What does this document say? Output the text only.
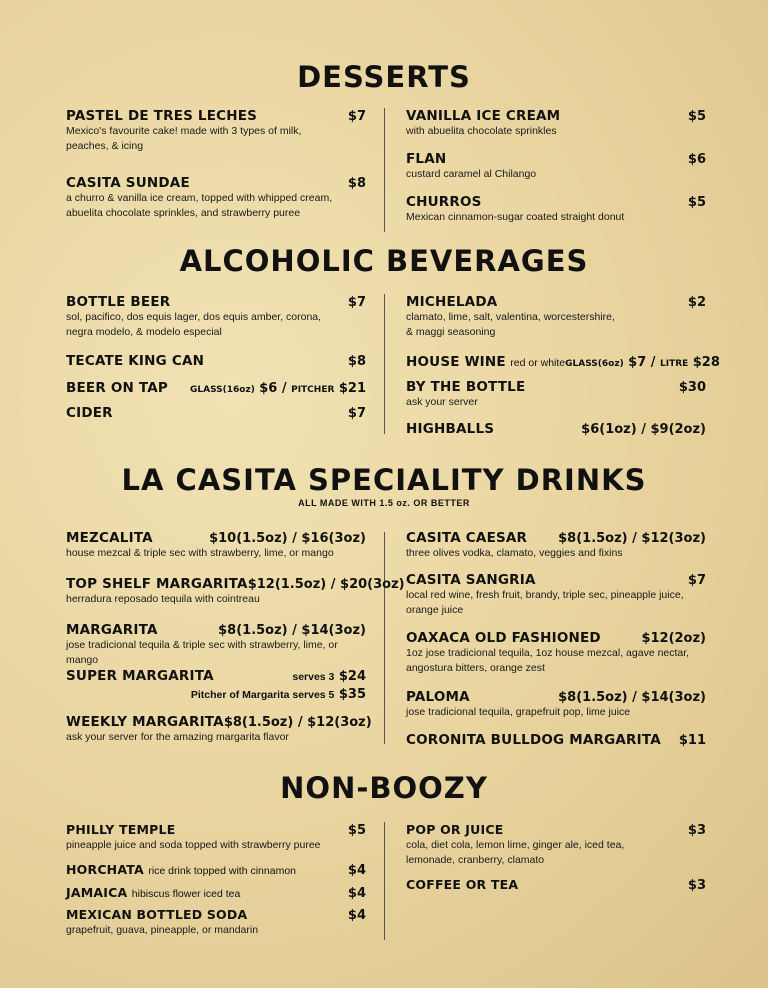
DESSERTS
PASTEL DE TRES LECHES	$7
Mexico's favourite cake! made with 3 types of milk,
peaches, & icing
CASITA SUNDAE	$8
a churro & vanilla ice cream, topped with whipped cream,
abuelita chocolate sprinkles, and strawberry puree
VANILLA ICE CREAM	$5
with abuelita chocolate sprinkles
FLAN	$6
custard caramel al Chilango
CHURROS	$5
Mexican cinnamon-sugar coated straight donut
ALCOHOLIC BEVERAGES
BOTTLE BEER	$7
sol, pacifico, dos equis lager, dos equis amber, corona,
negra modelo, & modelo especial
TECATE KING CAN	$8
BEER ON TAP GLASS(16oz) $6 / PITCHER $21
CIDER	$7
MICHELADA	$2
clamato, lime, salt, valentina, worcestershire,
& maggi seasoning
HOUSE WINE red or white GLASS(6oz) $7 / LITRE $28
BY THE BOTTLE	$30
ask your server
HIGHBALLS	$6(1oz) / $9(2oz)
LA CASITA SPECIALITY DRINKS
ALL MADE WITH 1.5 oz. OR BETTER
MEZCALITA	$10(1.5oz) / $16(3oz)
house mezcal & triple sec with strawberry, lime, or mango
TOP SHELF MARGARITA $12(1.5oz) / $20(3oz)
herradura reposado tequila with cointreau
MARGARITA	$8(1.5oz) / $14(3oz)
jose tradicional tequila & triple sec with strawberry, lime, or mango
SUPER MARGARITA	serves 3 $24
Pitcher of Margarita serves 5 $35
WEEKLY MARGARITA $8(1.5oz) / $12(3oz)
ask your server for the amazing margarita flavor
CASITA CAESAR $8(1.5oz) / $12(3oz)
three olives vodka, clamato, veggies and fixins
CASITA SANGRIA	$7
local red wine, fresh fruit, brandy, triple sec, pineapple juice,
orange juice
OAXACA OLD FASHIONED	$12(2oz)
1oz jose tradicional tequila, 1oz house mezcal, agave nectar,
angostura bitters, orange zest
PALOMA	$8(1.5oz) / $14(3oz)
jose tradicional tequila, grapefruit pop, lime juice
CORONITA BULLDOG MARGARITA $11
NON-BOOZY
PHILLY TEMPLE	$5
pineapple juice and soda topped with strawberry puree
HORCHATA rice drink topped with cinnamon	$4
JAMAICA hibiscus flower iced tea	$4
MEXICAN BOTTLED SODA	$4
grapefruit, guava, pineapple, or mandarin
POP OR JUICE	$3
cola, diet cola, lemon lime, ginger ale, iced tea,
lemonade, cranberry, clamato
COFFEE OR TEA	$3
